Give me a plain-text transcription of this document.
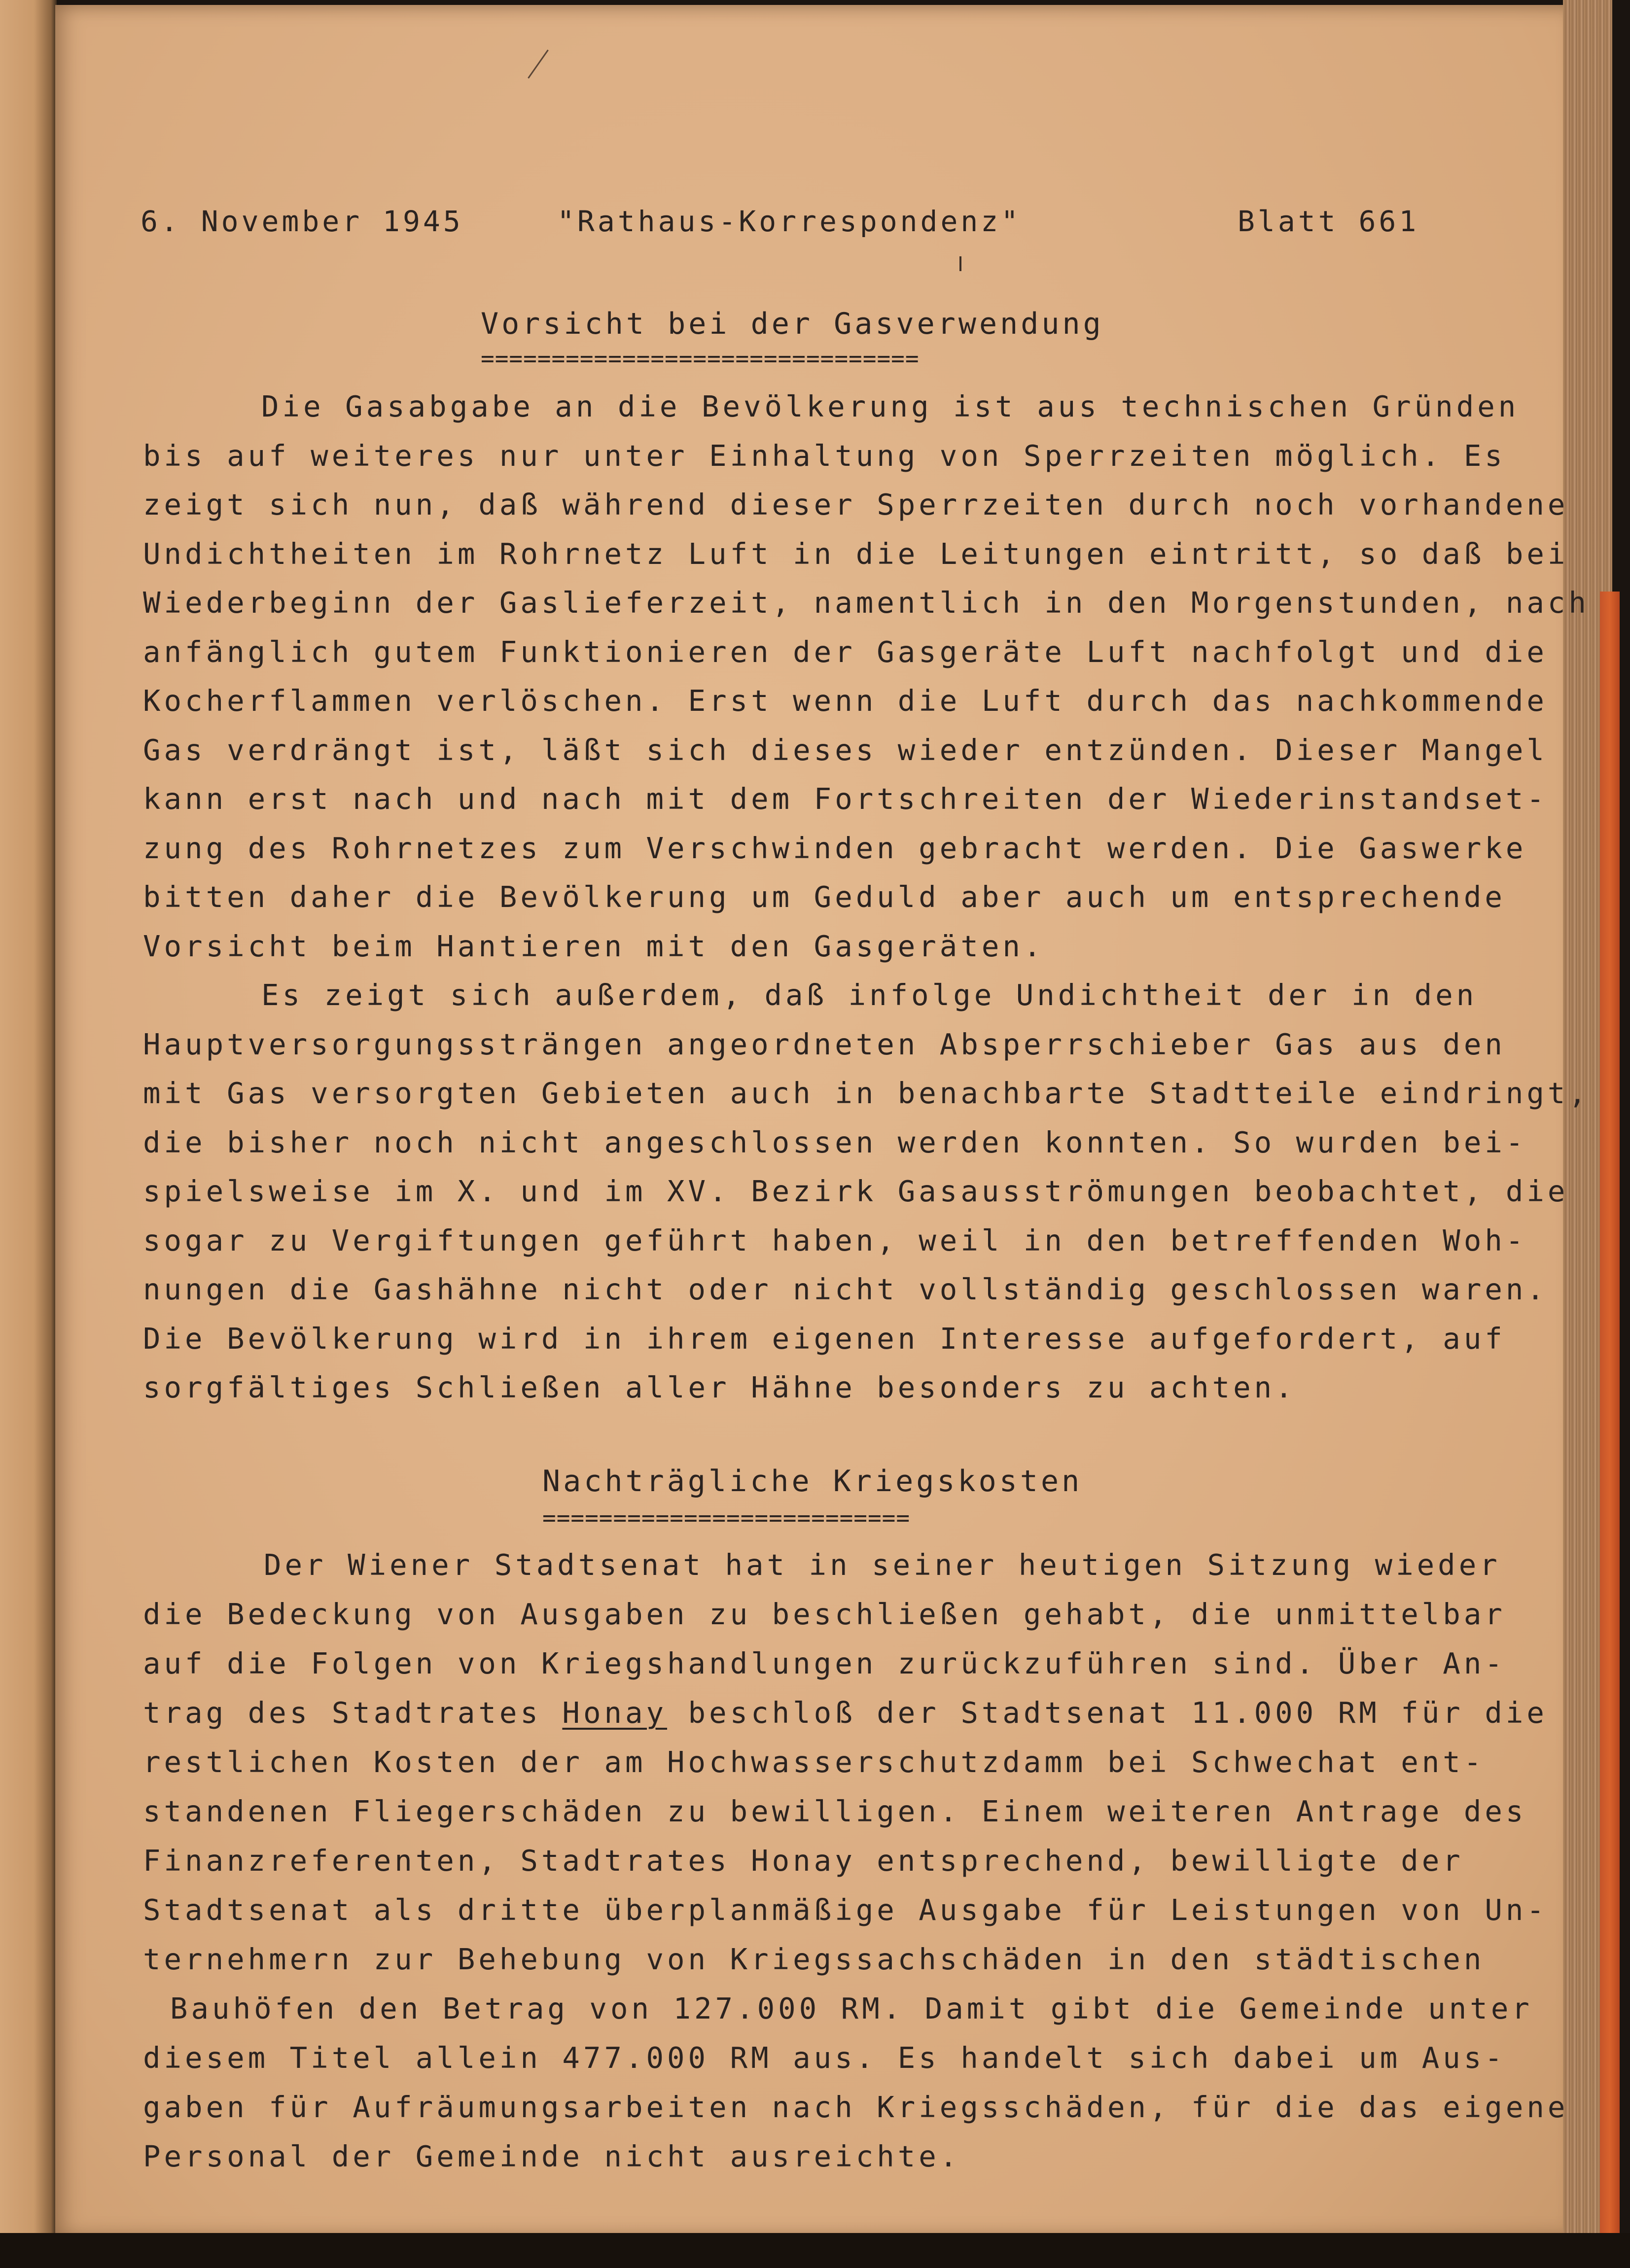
6. November 1945	"Rathaus-Korrespondenz"	Blatt 661
Vorsicht bei der Gasverwendung
===============================
Die Gasabgabe an die Bevölkerung ist aus technischen Gründen
bis auf weiteres nur unter Einhaltung von Sperrzeiten möglich. Es
zeigt sich nun, daß während dieser Sperrzeiten durch noch vorhandene
Undichtheiten im Rohrnetz Luft in die Leitungen eintritt, so daß bei
Wiederbeginn der Gaslieferzeit, namentlich in den Morgenstunden, nach
anfänglich gutem Funktionieren der Gasgeräte Luft nachfolgt und die
Kocherflammen verlöschen. Erst wenn die Luft durch das nachkommende
Gas verdrängt ist, läßt sich dieses wieder entzünden. Dieser Mangel
kann erst nach und nach mit dem Fortschreiten der Wiederinstandset-
zung des Rohrnetzes zum Verschwinden gebracht werden. Die Gaswerke
bitten daher die Bevölkerung um Geduld aber auch um entsprechende
Vorsicht beim Hantieren mit den Gasgeräten.
Es zeigt sich außerdem, daß infolge Undichtheit der in den
Hauptversorgungssträngen angeordneten Absperrschieber Gas aus den
mit Gas versorgten Gebieten auch in benachbarte Stadtteile eindringt,
die bisher noch nicht angeschlossen werden konnten. So wurden bei-
spielsweise im X. und im XV. Bezirk Gasausströmungen beobachtet, die
sogar zu Vergiftungen geführt haben, weil in den betreffenden Woh-
nungen die Gashähne nicht oder nicht vollständig geschlossen waren.
Die Bevölkerung wird in ihrem eigenen Interesse aufgefordert, auf
sorgfältiges Schließen aller Hähne besonders zu achten.
Nachträgliche Kriegskosten
==========================
Der Wiener Stadtsenat hat in seiner heutigen Sitzung wieder
die Bedeckung von Ausgaben zu beschließen gehabt, die unmittelbar
auf die Folgen von Kriegshandlungen zurückzuführen sind. Über An-
trag des Stadtrates Honay beschloß der Stadtsenat 11.000 RM für die
restlichen Kosten der am Hochwasserschutzdamm bei Schwechat ent-
standenen Fliegerschäden zu bewilligen. Einem weiteren Antrage des
Finanzreferenten, Stadtrates Honay entsprechend, bewilligte der
Stadtsenat als dritte überplanmäßige Ausgabe für Leistungen von Un-
ternehmern zur Behebung von Kriegssachschäden in den städtischen
Bauhöfen den Betrag von 127.000 RM. Damit gibt die Gemeinde unter
diesem Titel allein 477.000 RM aus. Es handelt sich dabei um Aus-
gaben für Aufräumungsarbeiten nach Kriegsschäden, für die das eigene
Personal der Gemeinde nicht ausreichte.
